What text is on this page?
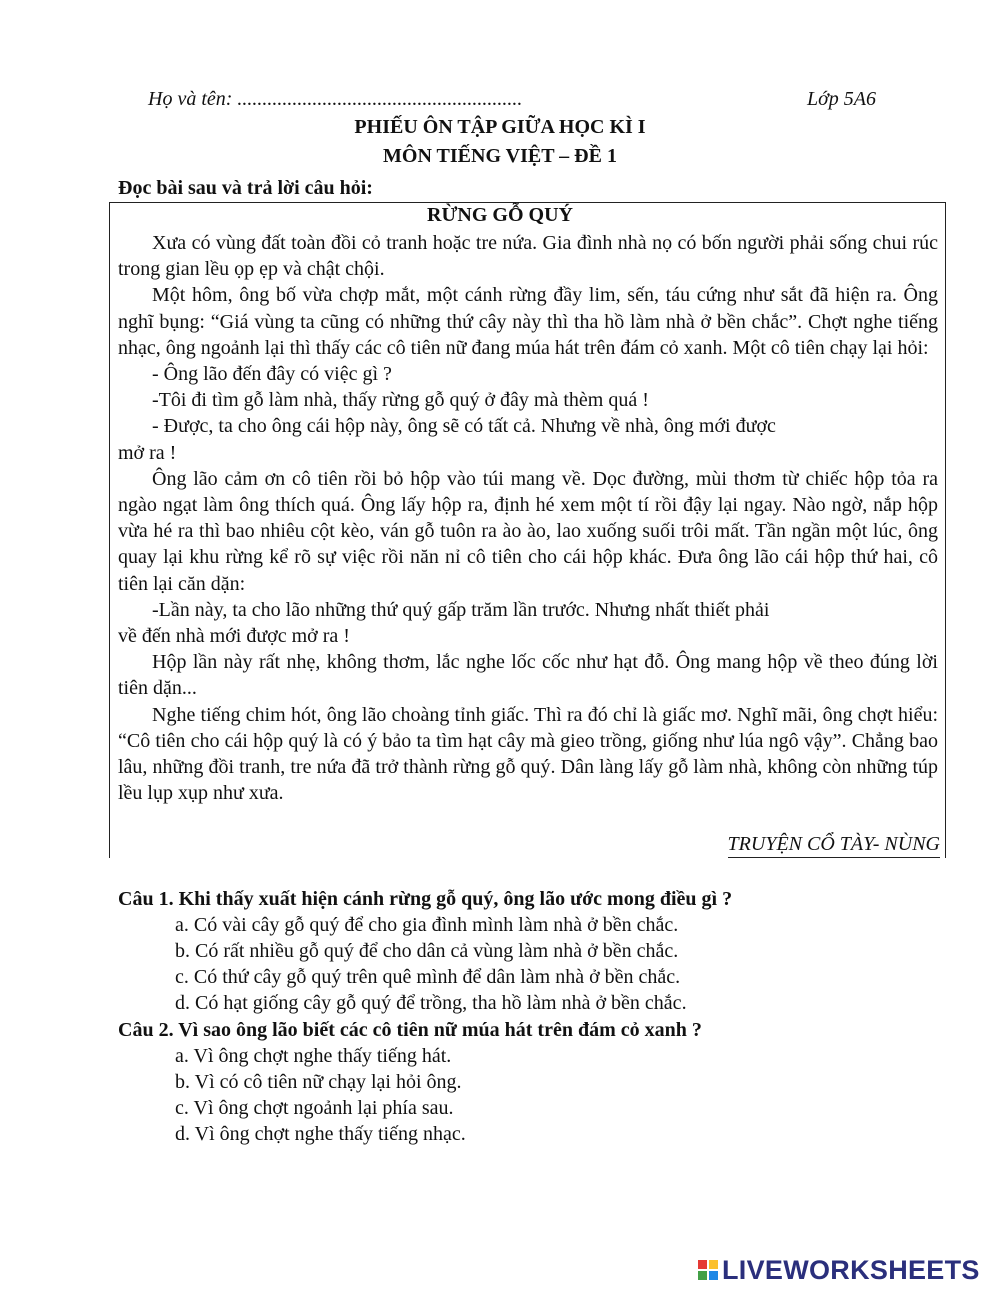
Họ và tên: .........................................................	Lớp 5A6
PHIẾU ÔN TẬP GIỮA HỌC KÌ I
MÔN TIẾNG VIỆT – ĐỀ 1
Đọc bài sau và trả lời câu hỏi:
RỪNG GỖ QUÝ

Xưa có vùng đất toàn đồi cỏ tranh hoặc tre nứa. Gia đình nhà nọ có bốn người phải sống chui rúc trong gian lều ọp ẹp và chật chội.

Một hôm, ông bố vừa chợp mắt, một cánh rừng đầy lim, sến, táu cứng như sắt đã hiện ra. Ông nghĩ bụng: “Giá vùng ta cũng có những thứ cây này thì tha hồ làm nhà ở bền chắc”. Chợt nghe tiếng nhạc, ông ngoảnh lại thì thấy các cô tiên nữ đang múa hát trên đám cỏ xanh. Một cô tiên chạy lại hỏi:

- Ông lão đến đây có việc gì ?

-Tôi đi tìm gỗ làm nhà, thấy rừng gỗ quý ở đây mà thèm quá !

- Được, ta cho ông cái hộp này, ông sẽ có tất cả. Nhưng về nhà, ông mới được

mở ra !

Ông lão cảm ơn cô tiên rồi bỏ hộp vào túi mang về. Dọc đường, mùi thơm từ chiếc hộp tỏa ra ngào ngạt làm ông thích quá. Ông lấy hộp ra, định hé xem một tí rồi đậy lại ngay. Nào ngờ, nắp hộp vừa hé ra thì bao nhiêu cột kèo, ván gỗ tuôn ra ào ào, lao xuống suối trôi mất. Tần ngần một lúc, ông quay lại khu rừng kể rõ sự việc rồi năn nỉ cô tiên cho cái hộp khác. Đưa ông lão cái hộp thứ hai, cô tiên lại căn dặn:

-Lần này, ta cho lão những thứ quý gấp trăm lần trước. Nhưng nhất thiết phải

về đến nhà mới được mở ra !

Hộp lần này rất nhẹ, không thơm, lắc nghe lốc cốc như hạt đỗ. Ông mang hộp về theo đúng lời tiên dặn...

Nghe tiếng chim hót, ông lão choàng tỉnh giấc. Thì ra đó chỉ là giấc mơ. Nghĩ mãi, ông chợt hiểu: “Cô tiên cho cái hộp quý là có ý bảo ta tìm hạt cây mà gieo trồng, giống như lúa ngô vậy”. Chẳng bao lâu, những đồi tranh, tre nứa đã trở thành rừng gỗ quý. Dân làng lấy gỗ làm nhà, không còn những túp lều lụp xụp như xưa.

TRUYỆN CỔ TÀY- NÙNG
Câu 1. Khi thấy xuất hiện cánh rừng gỗ quý, ông lão ước mong điều gì ?
a. Có vài cây gỗ quý để cho gia đình mình làm nhà ở bền chắc.
b. Có rất nhiều gỗ quý để cho dân cả vùng làm nhà ở bền chắc.
c. Có thứ cây gỗ quý trên quê mình để dân làm nhà ở bền chắc.
d. Có hạt giống cây gỗ quý để trồng, tha hồ làm nhà ở bền chắc.
Câu 2. Vì sao ông lão biết các cô tiên nữ múa hát trên đám cỏ xanh ?
a. Vì ông chợt nghe thấy tiếng hát.
b. Vì có cô tiên nữ chạy lại hỏi ông.
c. Vì ông chợt ngoảnh lại phía sau.
d. Vì ông chợt nghe thấy tiếng nhạc.
LIVEWORKSHEETS
